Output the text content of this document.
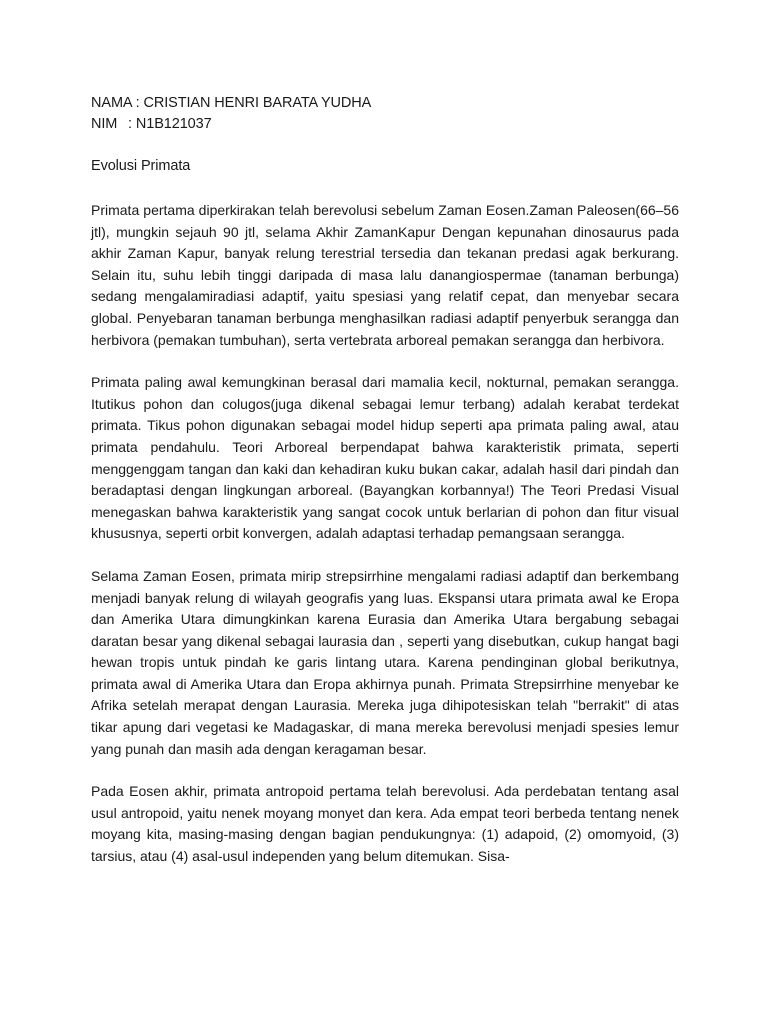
NAMA : CRISTIAN HENRI BARATA YUDHA
NIM : N1B121037
Evolusi Primata

Primata pertama diperkirakan telah berevolusi sebelum Zaman Eosen.Zaman Paleosen(66–56 jtl), mungkin sejauh 90 jtl, selama Akhir ZamanKapur Dengan kepunahan dinosaurus pada akhir Zaman Kapur, banyak relung terestrial tersedia dan tekanan predasi agak berkurang. Selain itu, suhu lebih tinggi daripada di masa lalu danangiospermae (tanaman berbunga) sedang mengalamiradiasi adaptif, yaitu spesiasi yang relatif cepat, dan menyebar secara global. Penyebaran tanaman berbunga menghasilkan radiasi adaptif penyerbuk serangga dan herbivora (pemakan tumbuhan), serta vertebrata arboreal pemakan serangga dan herbivora.

Primata paling awal kemungkinan berasal dari mamalia kecil, nokturnal, pemakan serangga. Itutikus pohon dan colugos(juga dikenal sebagai lemur terbang) adalah kerabat terdekat primata. Tikus pohon digunakan sebagai model hidup seperti apa primata paling awal, atau primata pendahulu. Teori Arboreal berpendapat bahwa karakteristik primata, seperti menggenggam tangan dan kaki dan kehadiran kuku bukan cakar, adalah hasil dari pindah dan beradaptasi dengan lingkungan arboreal. (Bayangkan korbannya!) The Teori Predasi Visual menegaskan bahwa karakteristik yang sangat cocok untuk berlarian di pohon dan fitur visual khususnya, seperti orbit konvergen, adalah adaptasi terhadap pemangsaan serangga.

Selama Zaman Eosen, primata mirip strepsirrhine mengalami radiasi adaptif dan berkembang menjadi banyak relung di wilayah geografis yang luas. Ekspansi utara primata awal ke Eropa dan Amerika Utara dimungkinkan karena Eurasia dan Amerika Utara bergabung sebagai daratan besar yang dikenal sebagai laurasia dan , seperti yang disebutkan, cukup hangat bagi hewan tropis untuk pindah ke garis lintang utara. Karena pendinginan global berikutnya, primata awal di Amerika Utara dan Eropa akhirnya punah. Primata Strepsirrhine menyebar ke Afrika setelah merapat dengan Laurasia. Mereka juga dihipotesiskan telah "berrakit" di atas tikar apung dari vegetasi ke Madagaskar, di mana mereka berevolusi menjadi spesies lemur yang punah dan masih ada dengan keragaman besar.

Pada Eosen akhir, primata antropoid pertama telah berevolusi. Ada perdebatan tentang asal usul antropoid, yaitu nenek moyang monyet dan kera. Ada empat teori berbeda tentang nenek moyang kita, masing-masing dengan bagian pendukungnya: (1) adapoid, (2) omomyoid, (3) tarsius, atau (4) asal-usul independen yang belum ditemukan. Sisa-
